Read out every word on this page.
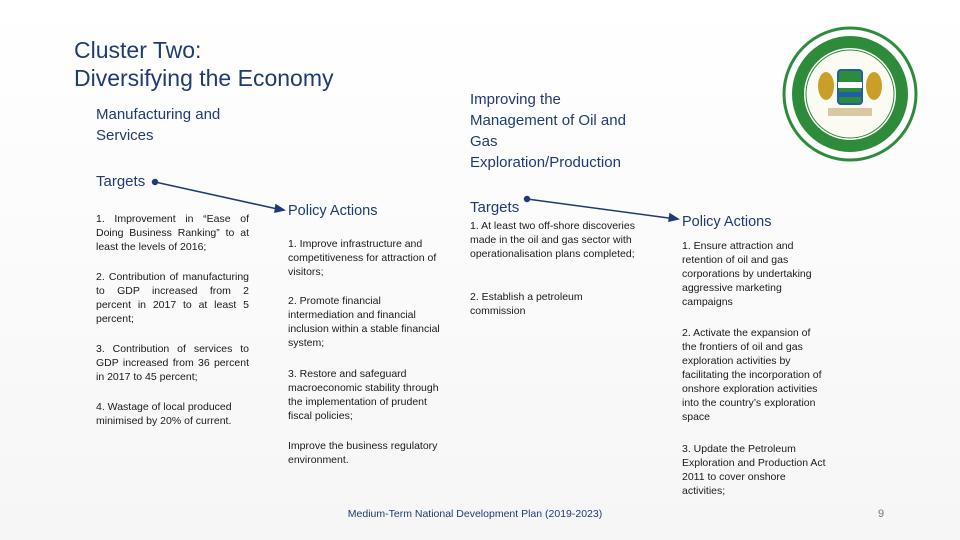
Cluster Two:
Diversifying the Economy
Manufacturing and
Services
Targets

1. Improvement in “Ease of Doing Business Ranking” to at least the levels of 2016;

2. Contribution of manufacturing to GDP increased from 2 percent in 2017 to at least 5 percent;

3. Contribution of services to GDP increased from 36 percent in 2017 to 45 percent;

4. Wastage of local produced minimised by 20% of current.

Policy Actions

1. Improve infrastructure and competitiveness for attraction of visitors;

2. Promote financial intermediation and financial inclusion within a stable financial system;

3. Restore and safeguard macroeconomic stability through the implementation of prudent fiscal policies;

Improve the business regulatory environment.

Improving the
Management of Oil and
Gas
Exploration/Production
Targets

1. At least two off-shore discoveries made in the oil and gas sector with operationalisation plans completed;

2. Establish a petroleum commission

Policy Actions

1. Ensure attraction and retention of oil and gas corporations by undertaking aggressive marketing campaigns

2. Activate the expansion of the frontiers of oil and gas exploration activities by facilitating the incorporation of onshore exploration activities into the country’s exploration space

3. Update the Petroleum Exploration and Production Act 2011 to cover onshore activities;

Medium-Term National Development Plan (2019-2023)	9
